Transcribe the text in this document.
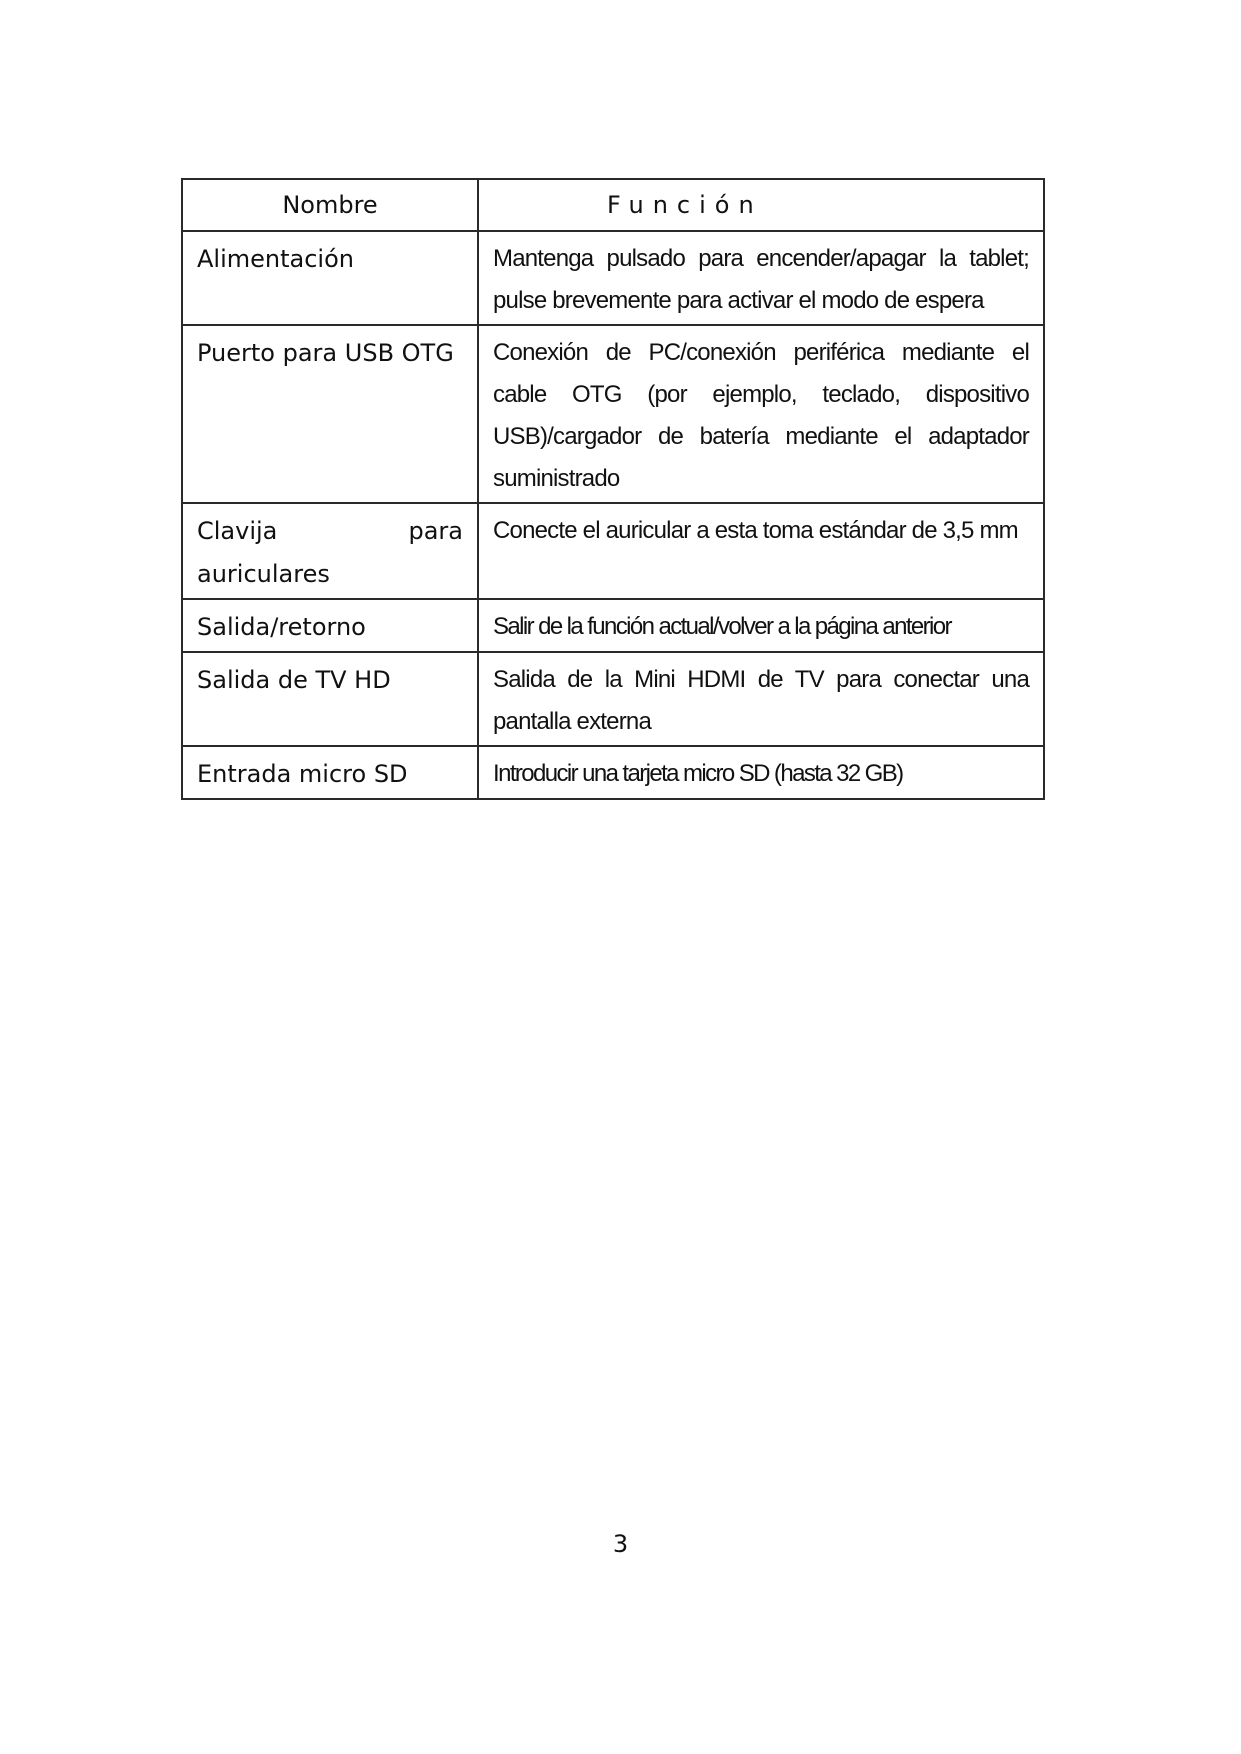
Nombre	Función
Alimentación	Mantenga pulsado para encender/apagar la tablet; pulse brevemente para activar el modo de espera
Puerto para USB OTG	Conexión de PC/conexión periférica mediante el cable OTG (por ejemplo, teclado, dispositivo USB)/cargador de batería mediante el adaptador suministrado
Clavija para auriculares	Conecte el auricular a esta toma estándar de 3,5 mm
Salida/retorno	Salir de la función actual/volver a la página anterior
Salida de TV HD	Salida de la Mini HDMI de TV para conectar una pantalla externa
Entrada micro SD	Introducir una tarjeta micro SD (hasta 32 GB)
3
